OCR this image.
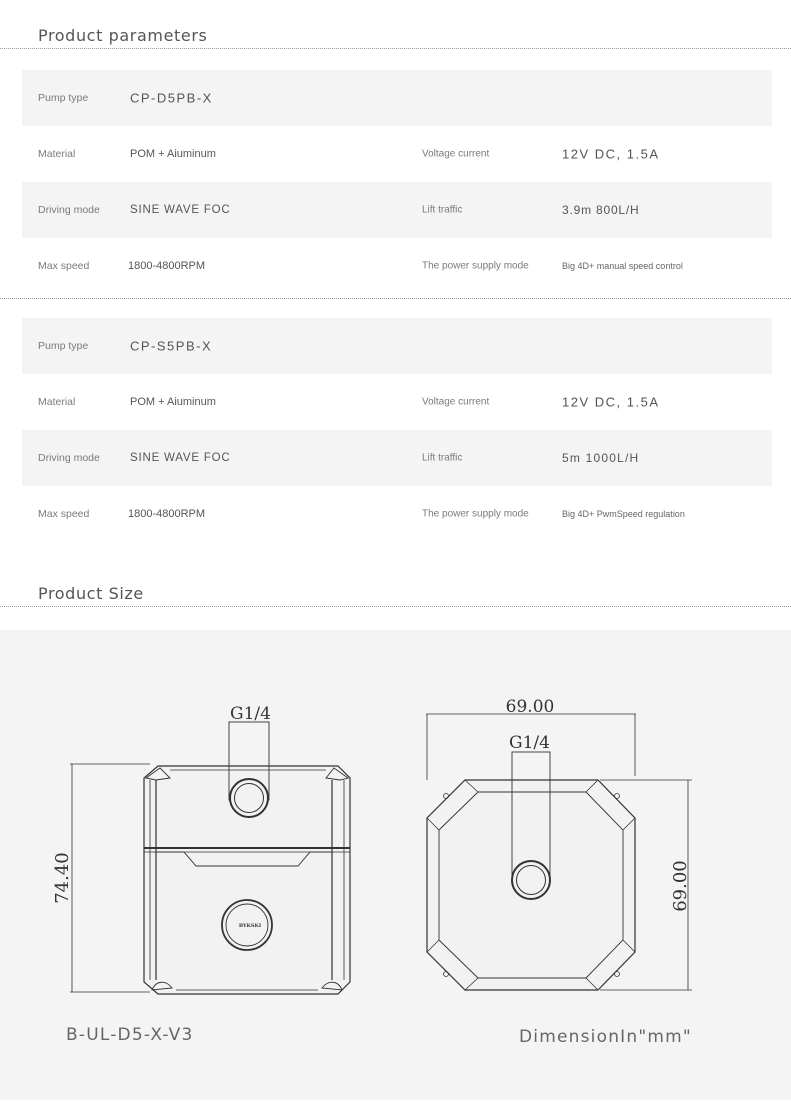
Product parameters
Pump type	CP-D5PB-X
Material	POM + Aiuminum	Voltage current	12V DC, 1.5A
Driving mode	SINE WAVE FOC	Lift traffic	3.9m 800L/H
Max speed	1800-4800RPM	The power supply mode	Big 4D+ manual speed control
Pump type	CP-S5PB-X
Material	POM + Aiuminum	Voltage current	12V DC, 1.5A
Driving mode	SINE WAVE FOC	Lift traffic	5m 1000L/H
Max speed	1800-4800RPM	The power supply mode	Big 4D+ PwmSpeed regulation
Product Size
G1/4
74.40
BYKSKI
69.00
G1/4
69.00
B-UL-D5-X-V3	DimensionIn"mm"
